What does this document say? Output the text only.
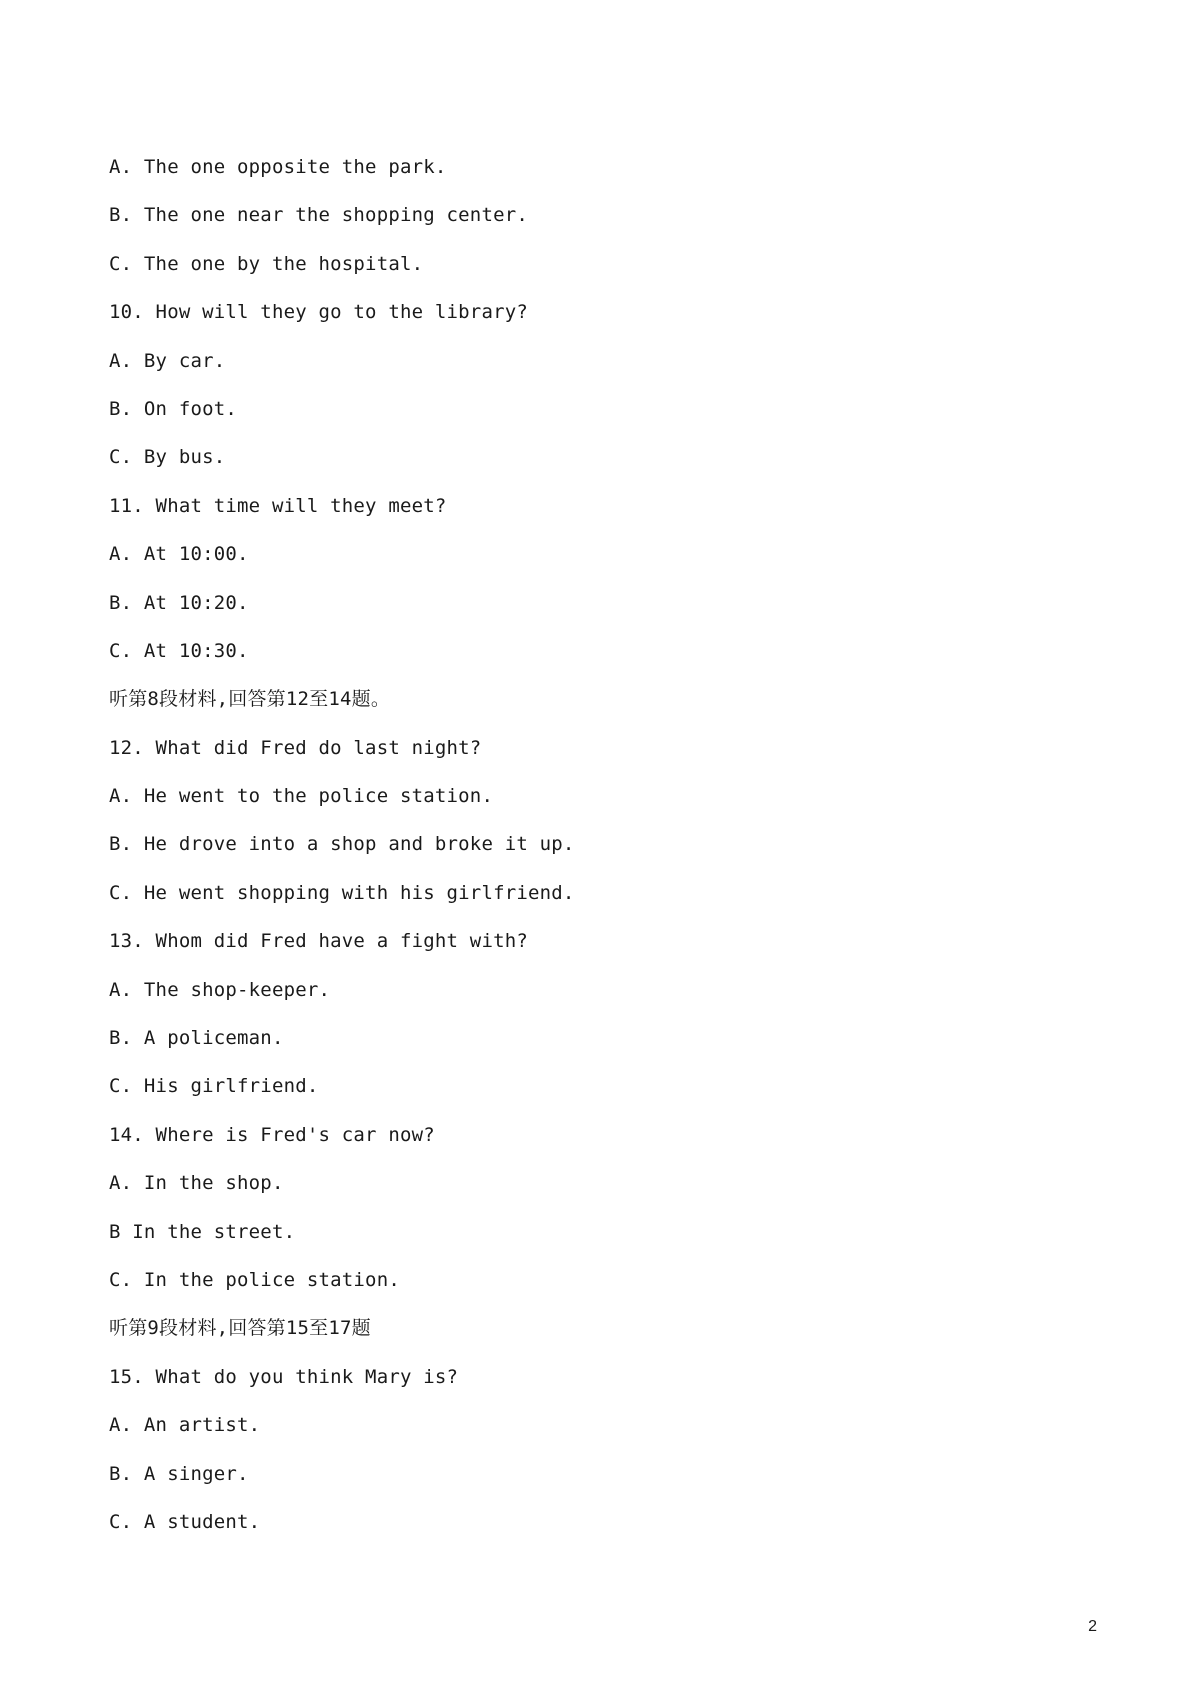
A. The one opposite the park.
B. The one near the shopping center.
C. The one by the hospital.
10. How will they go to the library?
A. By car.
B. On foot.
C. By bus.
11. What time will they meet?
A. At 10:00.
B. At 10:20.
C. At 10:30.
听第8段材料,回答第12至14题。
12. What did Fred do last night?
A. He went to the police station.
B. He drove into a shop and broke it up.
C. He went shopping with his girlfriend.
13. Whom did Fred have a fight with?
A. The shop-keeper.
B. A policeman.
C. His girlfriend.
14. Where is Fred's car now?
A. In the shop.
B In the street.
C. In the police station.
听第9段材料,回答第15至17题
15. What do you think Mary is?
A. An artist.
B. A singer.
C. A student.
2
